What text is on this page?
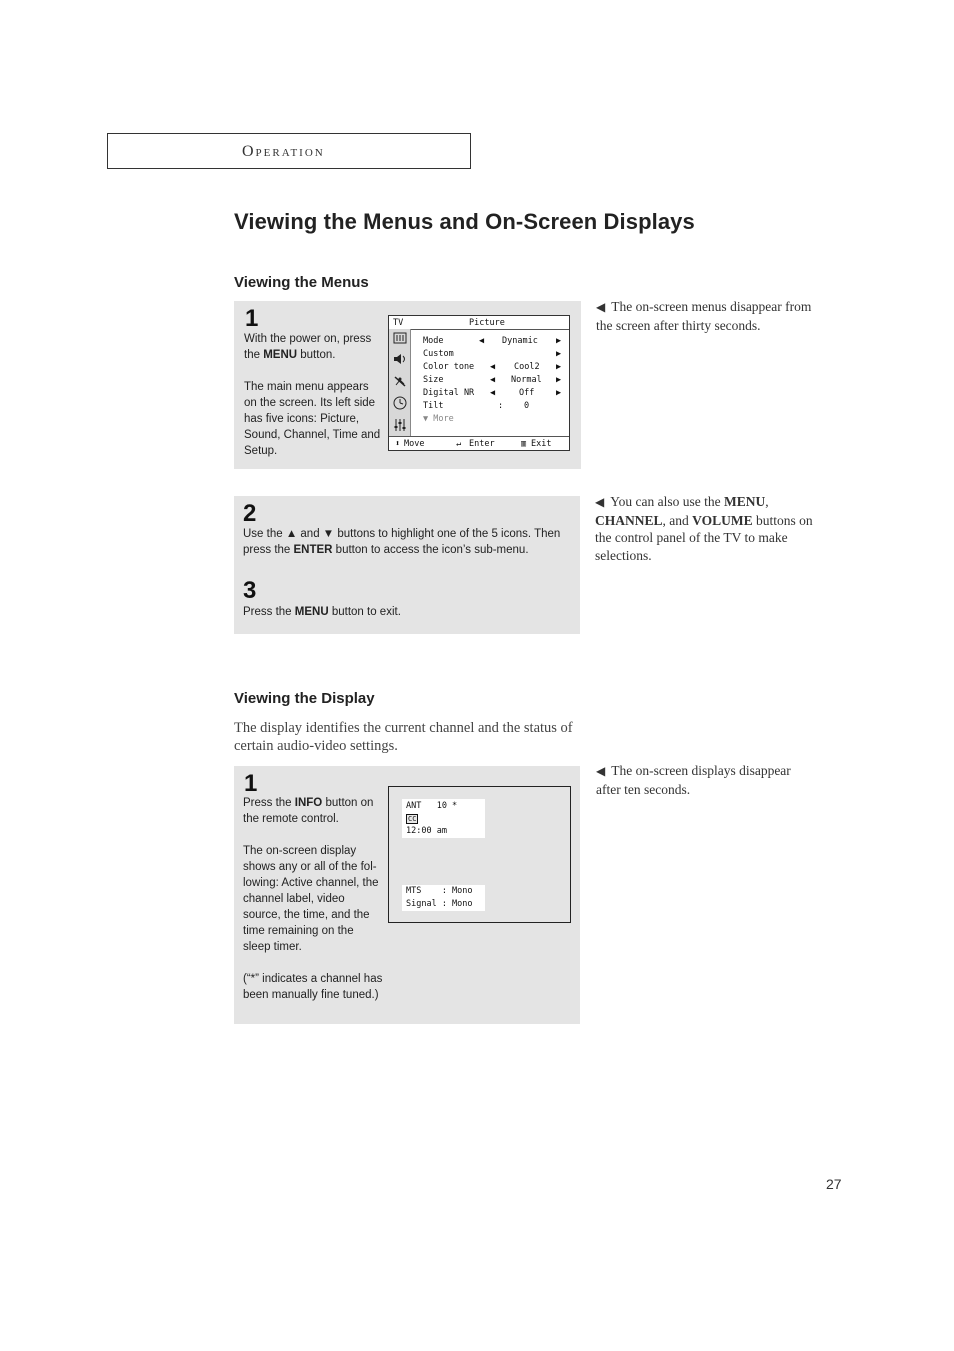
Operation
Viewing the Menus and On-Screen Displays
Viewing the Menus
1
With the power on, press the MENU button.
The main menu appears on the screen. Its left side has five icons: Picture, Sound, Channel, Time and Setup.
TV	Picture
Mode	◀ Dynamic ▶
Custom	▶
Color tone ◀ Cool2 ▶
Size	◀ Normal ▶
Digital NR ◀	Off	▶
Tilt	: 0
▼ More
⬍ Move	↵ Enter	▥ Exit
◀ The on-screen menus disappear from the screen after thirty seconds.
2
Use the ▲ and ▼ buttons to highlight one of the 5 icons. Then press the ENTER button to access the icon’s sub-menu.
3
Press the MENU button to exit.
◀ You can also use the MENU, CHANNEL, and VOLUME buttons on the control panel of the TV to make selections.
Viewing the Display
The display identifies the current channel and the status of certain audio-video settings.
1
Press the INFO button on the remote control.
The on-screen display shows any or all of the fol-lowing: Active channel, the channel label, video source, the time, and the time remaining on the sleep timer.
(“*” indicates a channel has been manually fine tuned.)
ANT   10 *
CC
12:00 am
MTS    : Mono
Signal : Mono
◀ The on-screen displays disappear after ten seconds.
27
